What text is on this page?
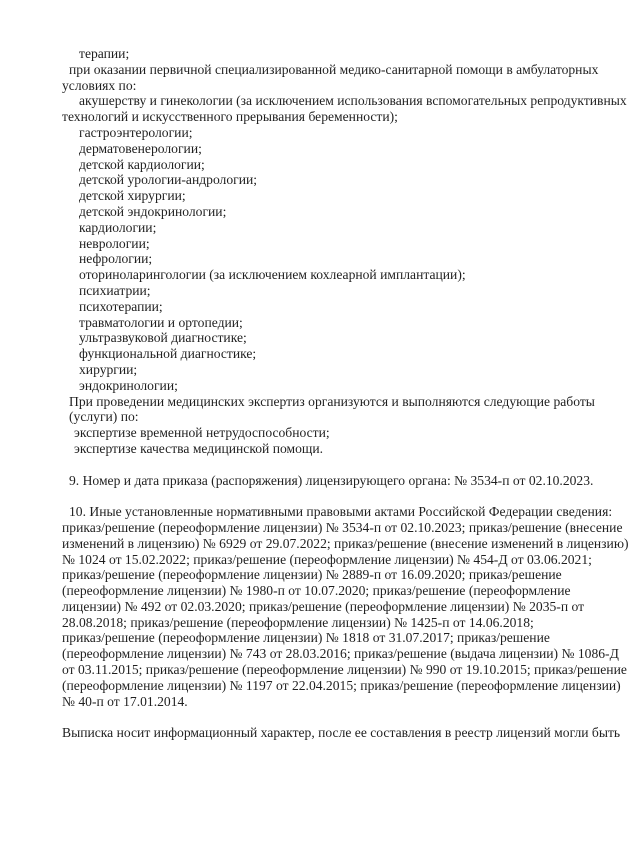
терапии;
при оказании первичной специализированной медико-санитарной помощи в амбулаторных
условиях по:
акушерству и гинекологии (за исключением использования вспомогательных репродуктивных
технологий и искусственного прерывания беременности);
гастроэнтерологии;
дерматовенерологии;
детской кардиологии;
детской урологии-андрологии;
детской хирургии;
детской эндокринологии;
кардиологии;
неврологии;
нефрологии;
оториноларингологии (за исключением кохлеарной имплантации);
психиатрии;
психотерапии;
травматологии и ортопедии;
ультразвуковой диагностике;
функциональной диагностике;
хирургии;
эндокринологии;
При проведении медицинских экспертиз организуются и выполняются следующие работы
(услуги) по:
экспертизе временной нетрудоспособности;
экспертизе качества медицинской помощи.
9. Номер и дата приказа (распоряжения) лицензирующего органа: № 3534-п от 02.10.2023.
10. Иные установленные нормативными правовыми актами Российской Федерации сведения:
приказ/решение (переоформление лицензии) № 3534-п от 02.10.2023; приказ/решение (внесение
изменений в лицензию) № 6929 от 29.07.2022; приказ/решение (внесение изменений в лицензию)
№ 1024 от 15.02.2022; приказ/решение (переоформление лицензии) № 454-Д от 03.06.2021;
приказ/решение (переоформление лицензии) № 2889-п от 16.09.2020; приказ/решение
(переоформление лицензии) № 1980-п от 10.07.2020; приказ/решение (переоформление
лицензии) № 492 от 02.03.2020; приказ/решение (переоформление лицензии) № 2035-п от
28.08.2018; приказ/решение (переоформление лицензии) № 1425-п от 14.06.2018;
приказ/решение (переоформление лицензии) № 1818 от 31.07.2017; приказ/решение
(переоформление лицензии) № 743 от 28.03.2016; приказ/решение (выдача лицензии) № 1086-Д
от 03.11.2015; приказ/решение (переоформление лицензии) № 990 от 19.10.2015; приказ/решение
(переоформление лицензии) № 1197 от 22.04.2015; приказ/решение (переоформление лицензии)
№ 40-п от 17.01.2014.
Выписка носит информационный характер, после ее составления в реестр лицензий могли быть
